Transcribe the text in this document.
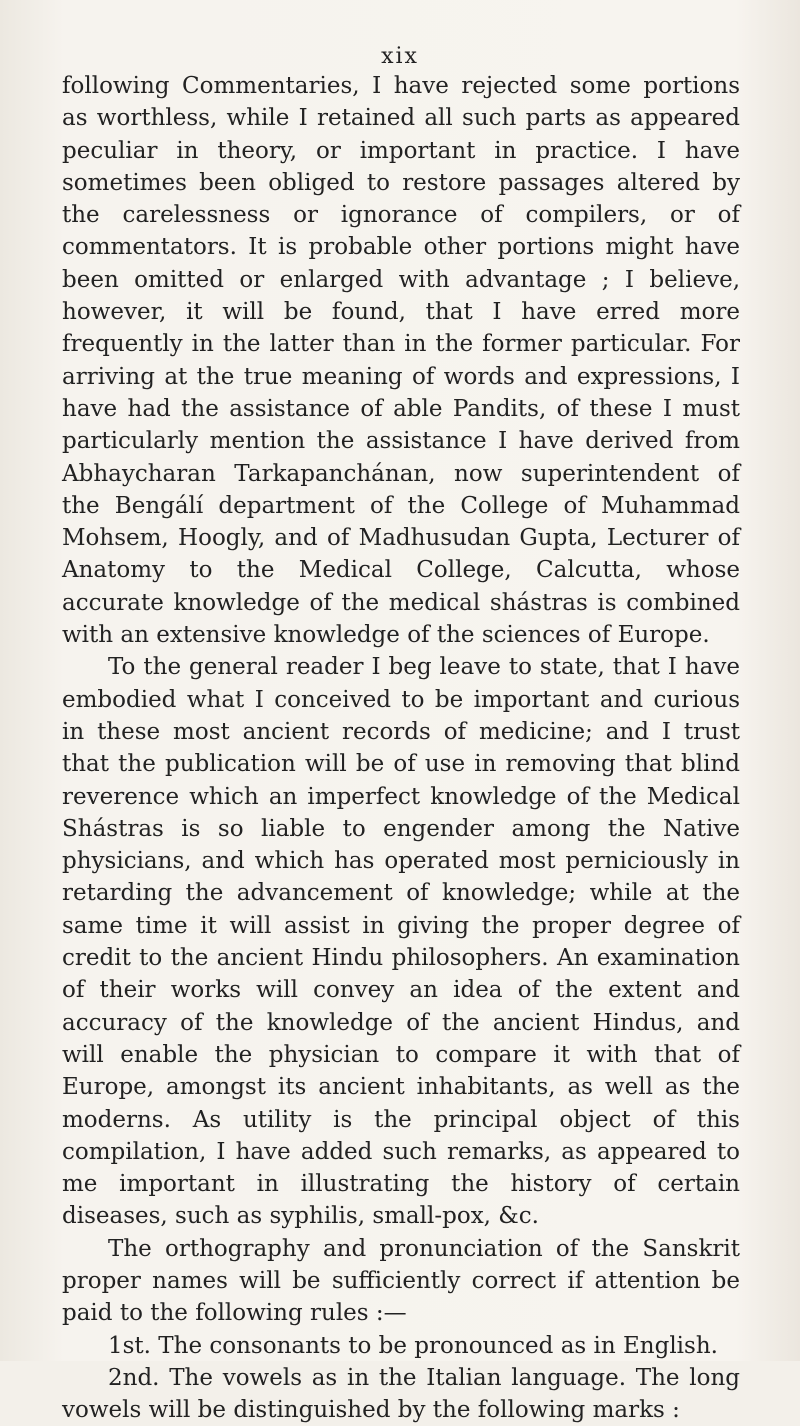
xix

following Commentaries, I have rejected some portions as worthless, while I retained all such parts as appeared peculiar in theory, or important in practice. I have sometimes been obliged to restore passages altered by the carelessness or ignorance of compilers, or of commentators. It is probable other portions might have been omitted or enlarged with advantage ; I believe, however, it will be found, that I have erred more frequently in the latter than in the former particular. For arriving at the true meaning of words and expressions, I have had the assistance of able Pandits, of these I must particularly mention the assistance I have derived from Abhaycharan Tarkapanchánan, now superintendent of the Bengálí department of the College of Muhammad Mohsem, Hoogly, and of Madhusudan Gupta, Lecturer of Anatomy to the Medical College, Calcutta, whose accurate knowledge of the medical shástras is combined with an extensive knowledge of the sciences of Europe.

To the general reader I beg leave to state, that I have embodied what I conceived to be important and curious in these most ancient records of medicine; and I trust that the publication will be of use in removing that blind reverence which an imperfect knowledge of the Medical Shástras is so liable to engender among the Native physicians, and which has operated most perniciously in retarding the advancement of knowledge; while at the same time it will assist in giving the proper degree of credit to the ancient Hindu philosophers. An examination of their works will convey an idea of the extent and accuracy of the knowledge of the ancient Hindus, and will enable the physician to compare it with that of Europe, amongst its ancient inhabitants, as well as the moderns. As utility is the principal object of this compilation, I have added such remarks, as appeared to me important in illustrating the history of certain diseases, such as syphilis, small-pox, &c.

The orthography and pronunciation of the Sanskrit proper names will be sufficiently correct if attention be paid to the following rules :—

1st. The consonants to be pronounced as in English.

2nd. The vowels as in the Italian language. The long vowels will be distinguished by the following marks :
